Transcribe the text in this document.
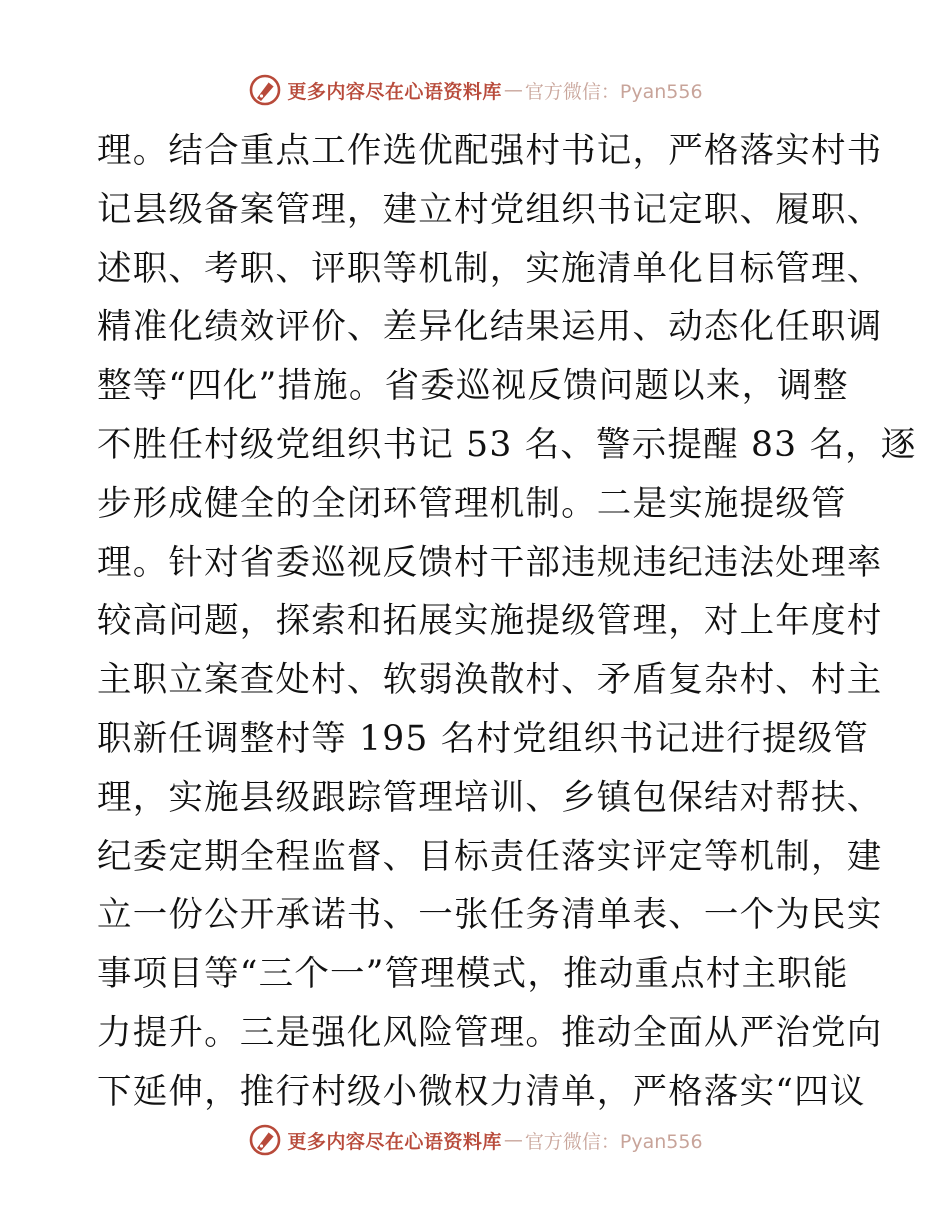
更多内容尽在心语资料库 — 官方微信：Pyan556
理。结合重点工作选优配强村书记，严格落实村书
记县级备案管理，建立村党组织书记定职、履职、
述职、考职、评职等机制，实施清单化目标管理、
精准化绩效评价、差异化结果运用、动态化任职调
整等“四化”措施。省委巡视反馈问题以来，调整
不胜任村级党组织书记 53 名、警示提醒 83 名，逐
步形成健全的全闭环管理机制。二是实施提级管
理。针对省委巡视反馈村干部违规违纪违法处理率
较高问题，探索和拓展实施提级管理，对上年度村
主职立案查处村、软弱涣散村、矛盾复杂村、村主
职新任调整村等 195 名村党组织书记进行提级管
理，实施县级跟踪管理培训、乡镇包保结对帮扶、
纪委定期全程监督、目标责任落实评定等机制，建
立一份公开承诺书、一张任务清单表、一个为民实
事项目等“三个一”管理模式，推动重点村主职能
力提升。三是强化风险管理。推动全面从严治党向
下延伸，推行村级小微权力清单，严格落实“四议
更多内容尽在心语资料库 — 官方微信：Pyan556
